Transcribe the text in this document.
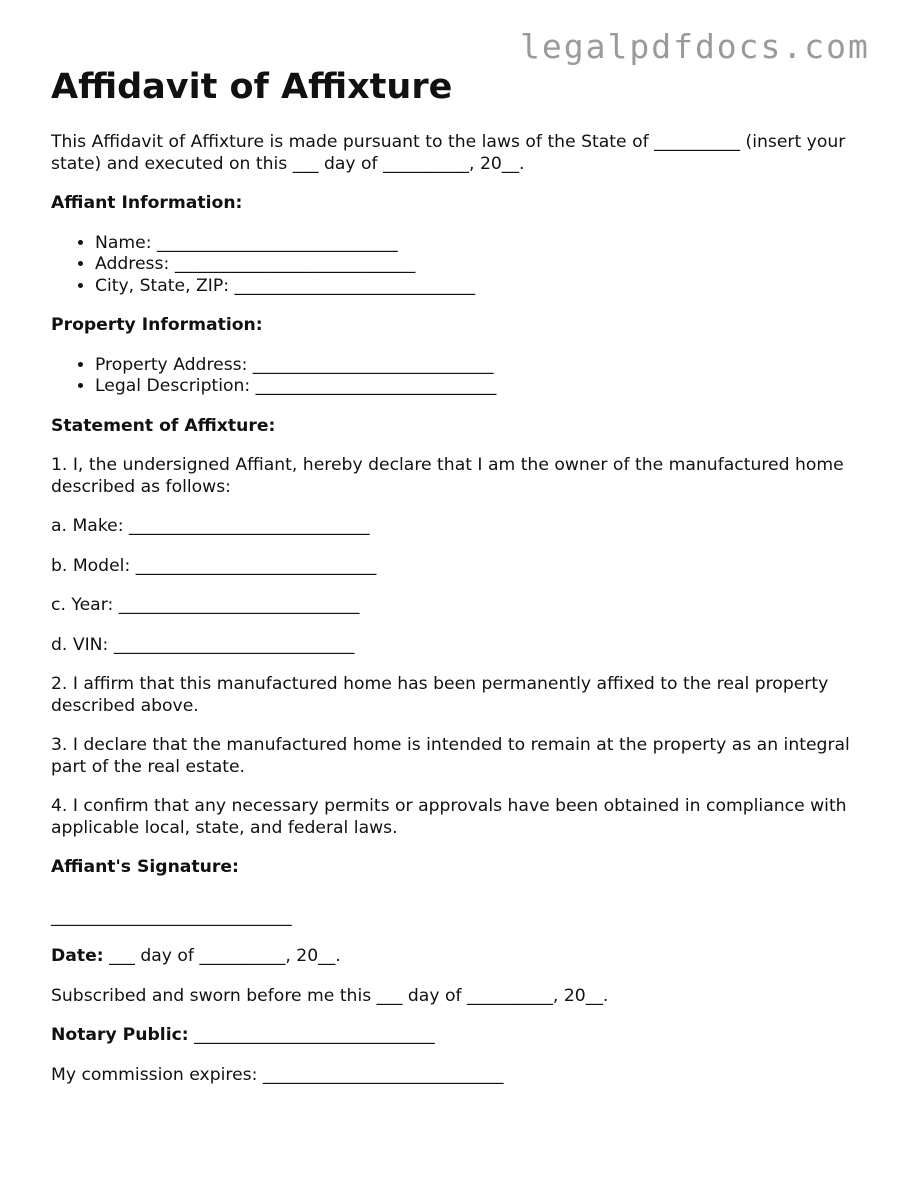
legalpdfdocs.com
Affidavit of Affixture

This Affidavit of Affixture is made pursuant to the laws of the State of __________ (insert your state) and executed on this ___ day of __________, 20__.

Affiant Information:
• Name: ____________________________
• Address: ____________________________
• City, State, ZIP: ____________________________
Property Information:
• Property Address: ____________________________
• Legal Description: ____________________________
Statement of Affixture:

1. I, the undersigned Affiant, hereby declare that I am the owner of the manufactured home described as follows:

a. Make: ____________________________

b. Model: ____________________________

c. Year: ____________________________

d. VIN: ____________________________

2. I affirm that this manufactured home has been permanently affixed to the real property described above.

3. I declare that the manufactured home is intended to remain at the property as an integral part of the real estate.

4. I confirm that any necessary permits or approvals have been obtained in compliance with applicable local, state, and federal laws.

Affiant's Signature:
____________________________

Date: ___ day of __________, 20__.

Subscribed and sworn before me this ___ day of __________, 20__.

Notary Public: ____________________________

My commission expires: ____________________________
